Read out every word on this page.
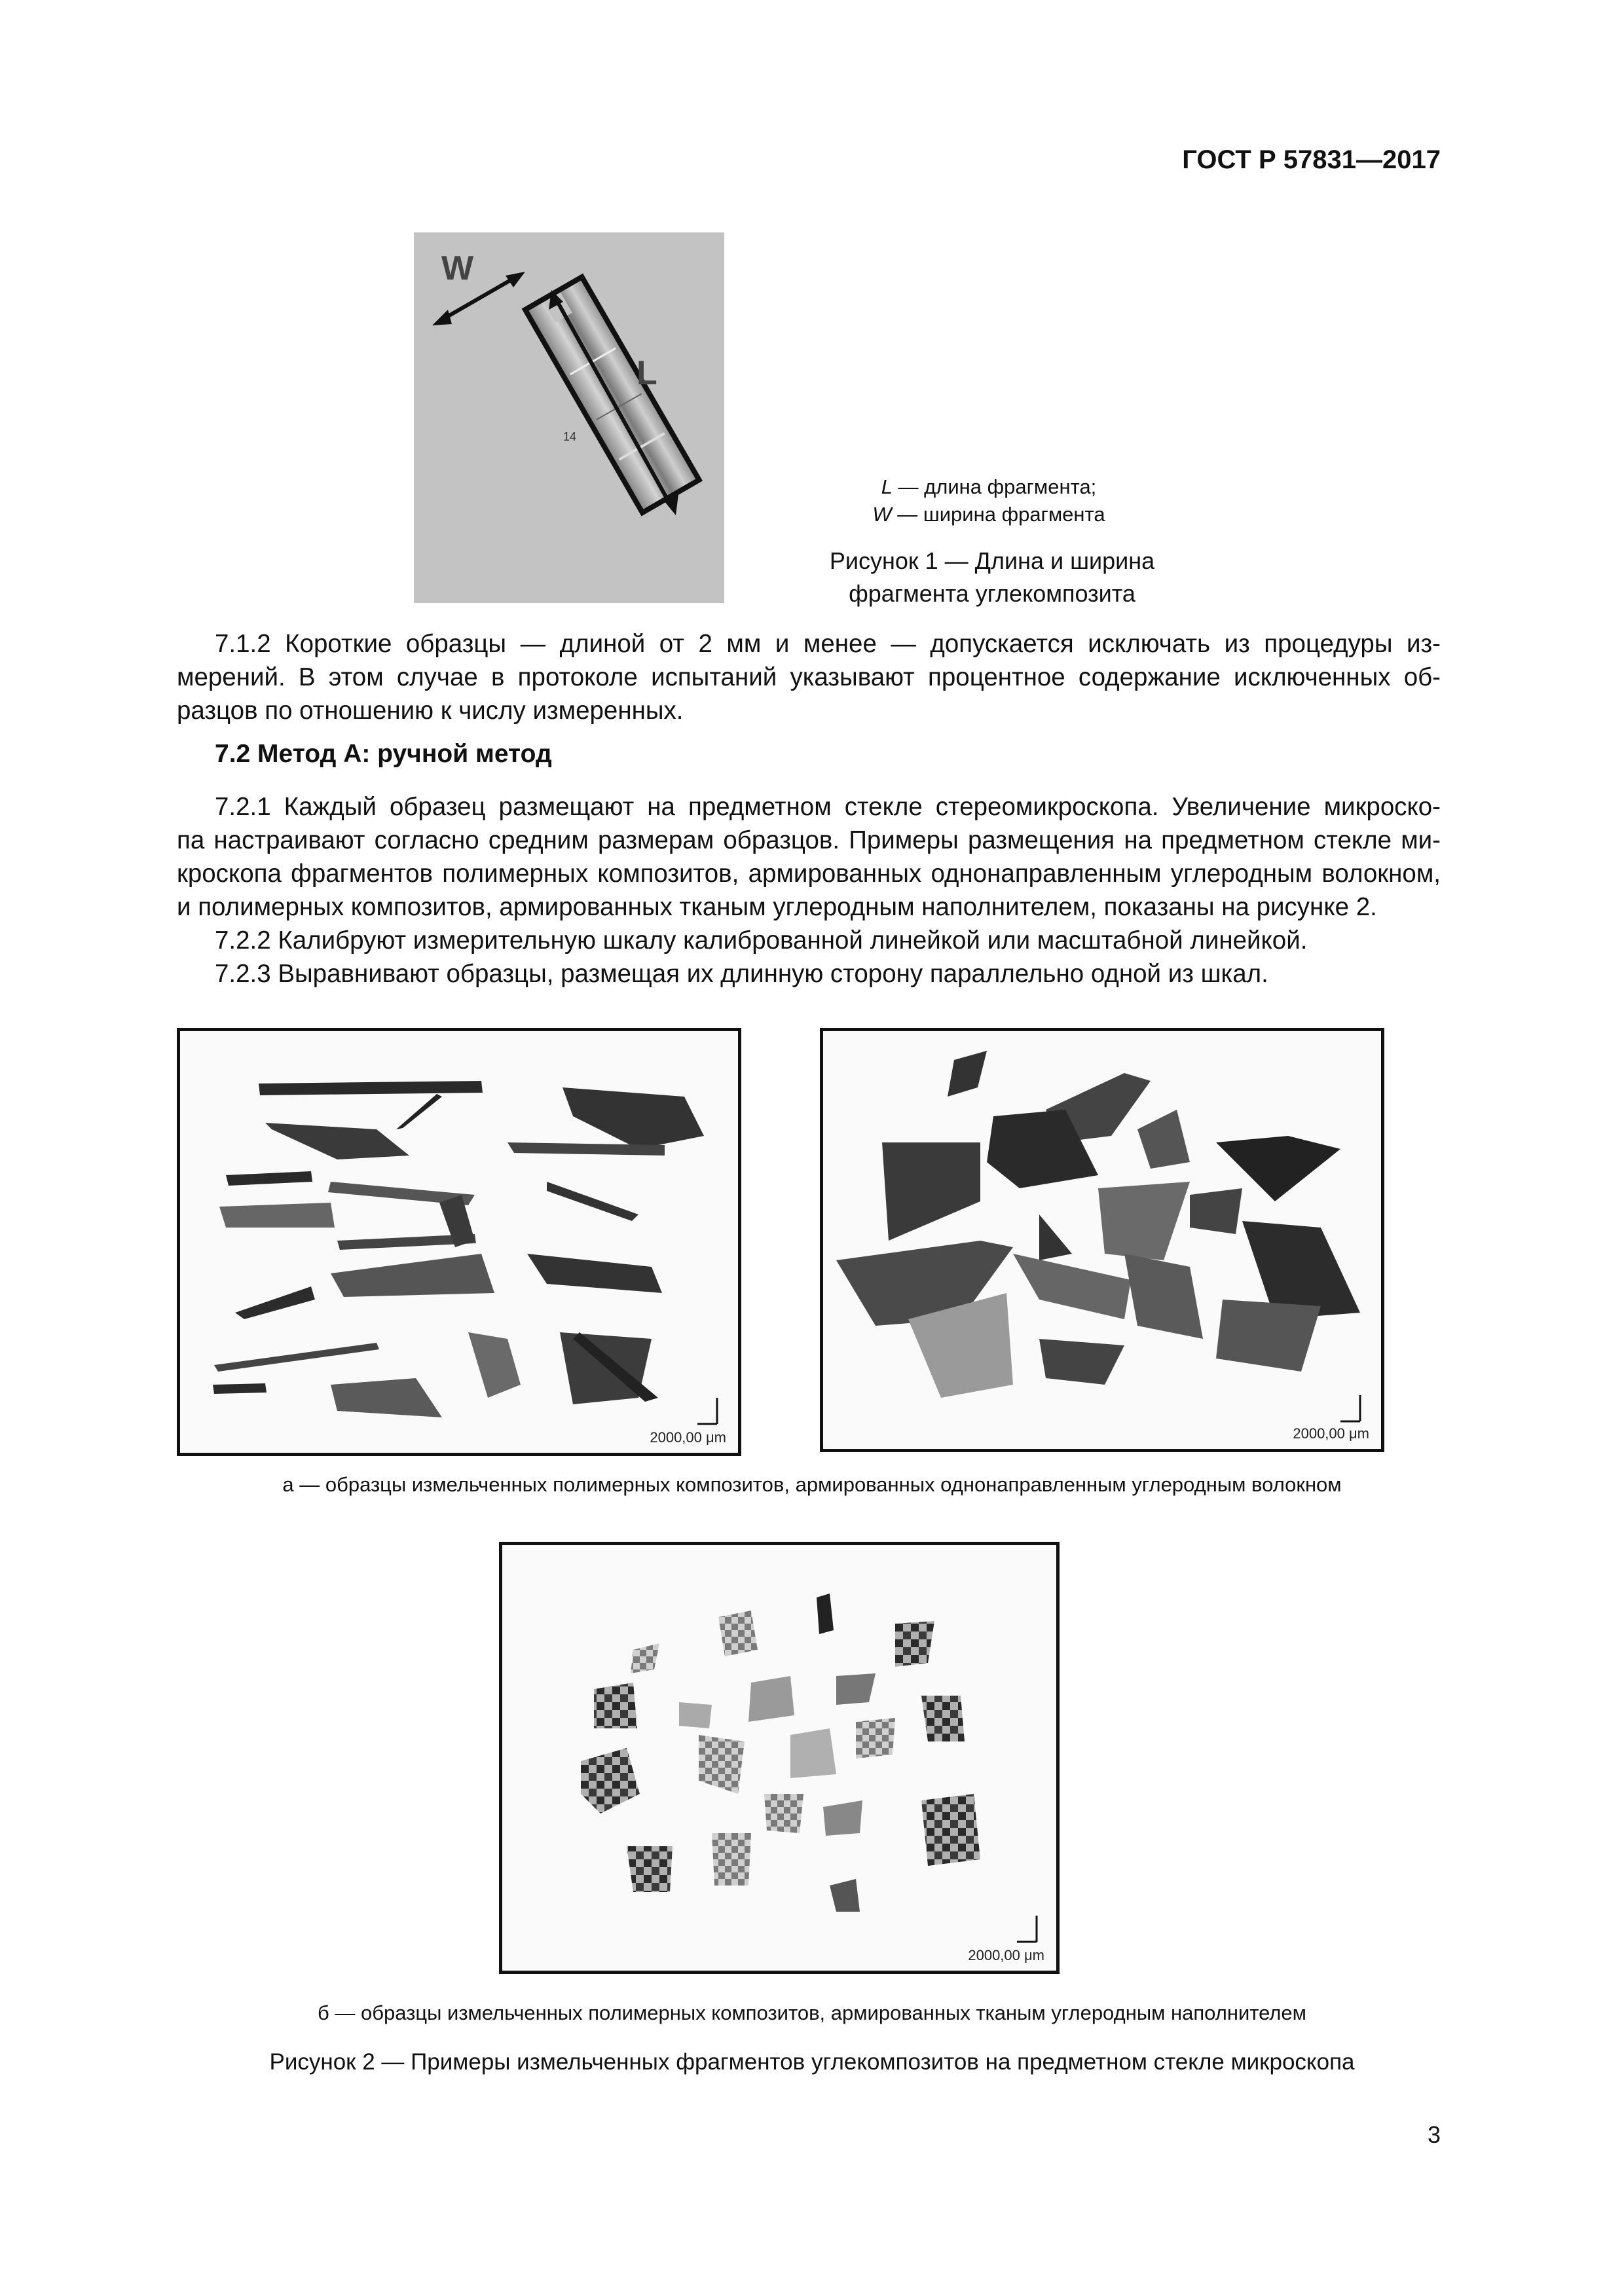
ГОСТ Р 57831—2017
W
L
14
L — длина фрагмента;
W — ширина фрагмента
Рисунок 1 — Длина и ширина
фрагмента углекомпозита
7.1.2 Короткие образцы — длиной от 2 мм и менее — допускается исключать из процедуры из-
мерений. В этом случае в протоколе испытаний указывают процентное содержание исключенных об-
разцов по отношению к числу измеренных.
7.2 Метод А: ручной метод
7.2.1 Каждый образец размещают на предметном стекле стереомикроскопа. Увеличение микроско-
па настраивают согласно средним размерам образцов. Примеры размещения на предметном стекле ми-
кроскопа фрагментов полимерных композитов, армированных однонаправленным углеродным волокном,
и полимерных композитов, армированных тканым углеродным наполнителем, показаны на рисунке 2.
7.2.2 Калибруют измерительную шкалу калиброванной линейкой или масштабной линейкой.
7.2.3 Выравнивают образцы, размещая их длинную сторону параллельно одной из шкал.
2000,00 μm	2000,00 μm
а — образцы измельченных полимерных композитов, армированных однонаправленным углеродным волокном
2000,00 μm
б — образцы измельченных полимерных композитов, армированных тканым углеродным наполнителем
Рисунок 2 — Примеры измельченных фрагментов углекомпозитов на предметном стекле микроскопа
3
